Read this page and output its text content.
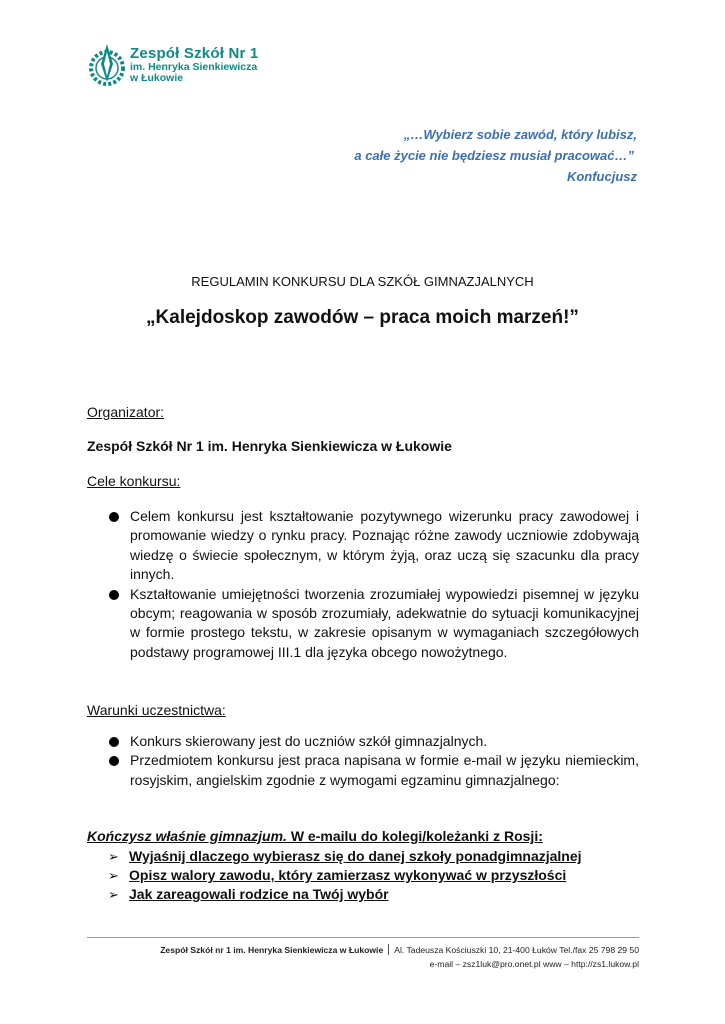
Zespół Szkół Nr 1
im. Henryka Sienkiewicza
w Łukowie
„…Wybierz sobie zawód, który lubisz,
a całe życie nie będziesz musiał pracować…”
Konfucjusz
REGULAMIN KONKURSU DLA SZKÓŁ GIMNAZJALNYCH
„Kalejdoskop zawodów – praca moich marzeń!”
Organizator:
Zespół Szkół Nr 1 im. Henryka Sienkiewicza w Łukowie
Cele konkursu:
Celem konkursu jest kształtowanie pozytywnego wizerunku pracy zawodowej i promowanie wiedzy o rynku pracy. Poznając różne zawody uczniowie zdobywają wiedzę o świecie społecznym, w którym żyją, oraz uczą się szacunku dla pracy innych.
Kształtowanie umiejętności tworzenia zrozumiałej wypowiedzi pisemnej w języku obcym; reagowania w sposób zrozumiały, adekwatnie do sytuacji komunikacyjnej w formie prostego tekstu, w zakresie opisanym w wymaganiach szczegółowych podstawy programowej III.1 dla języka obcego nowożytnego.
Warunki uczestnictwa:
Konkurs skierowany jest do uczniów szkół gimnazjalnych.
Przedmiotem konkursu jest praca napisana w formie e-mail w języku niemieckim, rosyjskim, angielskim zgodnie z wymogami egzaminu gimnazjalnego:
Kończysz właśnie gimnazjum. W e-mailu do kolegi/koleżanki z Rosji:
➢ Wyjaśnij dlaczego wybierasz się do danej szkoły ponadgimnazjalnej
➢ Opisz walory zawodu, który zamierzasz wykonywać w przyszłości
➢ Jak zareagowali rodzice na Twój wybór
Zespół Szkół nr 1 im. Henryka Sienkiewicza w Łukowie Al. Tadeusza Kościuszki 10, 21-400 Łuków Tel./fax 25 798 29 50
e-mail – zsz1luk@pro.onet.pl www – http://zs1.lukow.pl
